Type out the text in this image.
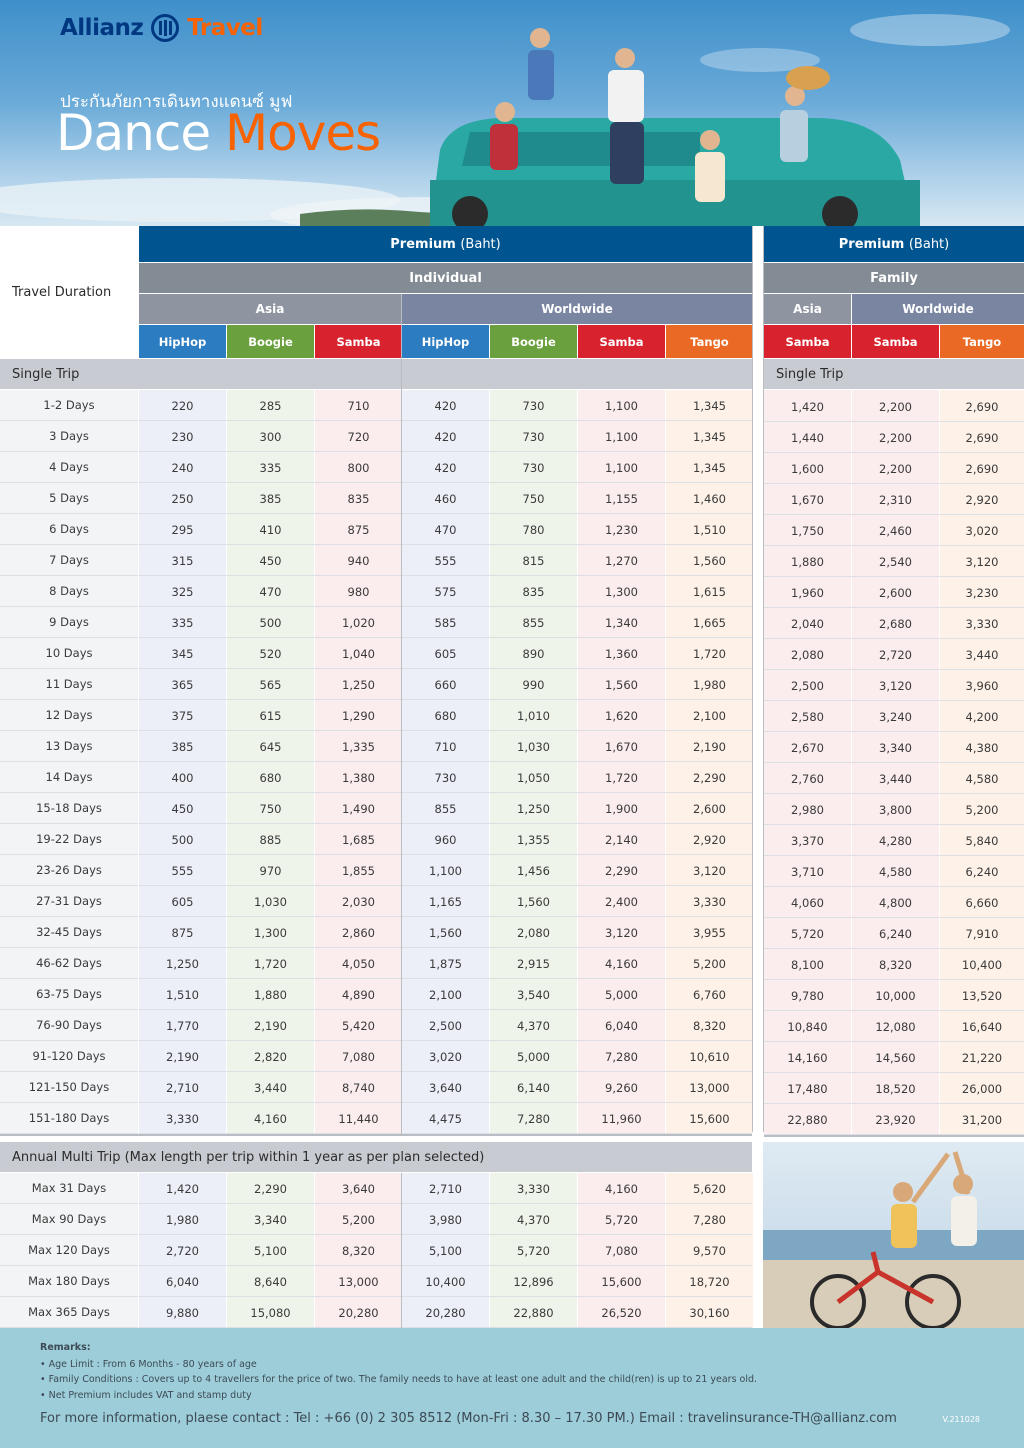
Allianz Travel
ประกันภัยการเดินทางแดนซ์ มูฟ
Dance Moves
Travel Duration
Premium
(Baht)
Individual
Asia	Worldwide
Premium
(Baht)
Family
Asia	Worldwide
HipHop	Boogie	Samba	HipHop	Boogie	Samba	Tango	Samba	Samba	Tango
Single Trip	Single Trip
Annual Multi Trip
(Max length per trip within 1 year as per plan selected)
1-2 Days	220	285	710	420	730	1,100	1,345	1,420	2,200	2,690
3 Days	230	300	720	420	730	1,100	1,345	1,440	2,200	2,690
4 Days	240	335	800	420	730	1,100	1,345	1,600	2,200	2,690
5 Days	250	385	835	460	750	1,155	1,460	1,670	2,310	2,920
6 Days	295	410	875	470	780	1,230	1,510	1,750	2,460	3,020
7 Days	315	450	940	555	815	1,270	1,560	1,880	2,540	3,120
8 Days	325	470	980	575	835	1,300	1,615	1,960	2,600	3,230
9 Days	335	500	1,020	585	855	1,340	1,665	2,040	2,680	3,330
10 Days	345	520	1,040	605	890	1,360	1,720	2,080	2,720	3,440
11 Days	365	565	1,250	660	990	1,560	1,980	2,500	3,120	3,960
12 Days	375	615	1,290	680	1,010	1,620	2,100	2,580	3,240	4,200
13 Days	385	645	1,335	710	1,030	1,670	2,190	2,670	3,340	4,380
14 Days	400	680	1,380	730	1,050	1,720	2,290	2,760	3,440	4,580
15-18 Days	450	750	1,490	855	1,250	1,900	2,600	2,980	3,800	5,200
19-22 Days	500	885	1,685	960	1,355	2,140	2,920	3,370	4,280	5,840
23-26 Days	555	970	1,855	1,100	1,456	2,290	3,120	3,710	4,580	6,240
27-31 Days	605	1,030	2,030	1,165	1,560	2,400	3,330	4,060	4,800	6,660
32-45 Days	875	1,300	2,860	1,560	2,080	3,120	3,955	5,720	6,240	7,910
46-62 Days	1,250	1,720	4,050	1,875	2,915	4,160	5,200	8,100	8,320	10,400
63-75 Days	1,510	1,880	4,890	2,100	3,540	5,000	6,760	9,780	10,000	13,520
76-90 Days	1,770	2,190	5,420	2,500	4,370	6,040	8,320	10,840	12,080	16,640
91-120 Days	2,190	2,820	7,080	3,020	5,000	7,280	10,610	14,160	14,560	21,220
121-150 Days	2,710	3,440	8,740	3,640	6,140	9,260	13,000	17,480	18,520	26,000
151-180 Days	3,330	4,160	11,440	4,475	7,280	11,960	15,600	22,880	23,920	31,200
Max 31 Days	1,420	2,290	3,640	2,710	3,330	4,160	5,620
Max 90 Days	1,980	3,340	5,200	3,980	4,370	5,720	7,280
Max 120 Days	2,720	5,100	8,320	5,100	5,720	7,080	9,570
Max 180 Days	6,040	8,640	13,000	10,400	12,896	15,600	18,720
Max 365 Days	9,880	15,080	20,280	20,280	22,880	26,520	30,160
Remarks:
• Age Limit : From 6 Months - 80 years of age
• Family Conditions : Covers up to 4 travellers for the price of two. The family needs to have at least one adult and the child(ren) is up to 21 years old.
• Net Premium includes VAT and stamp duty
For more information, plaese contact : Tel : +66 (0) 2 305 8512 (Mon-Fri : 8.30 – 17.30 PM.) Email : travelinsurance-TH@allianz.com	V.211028
